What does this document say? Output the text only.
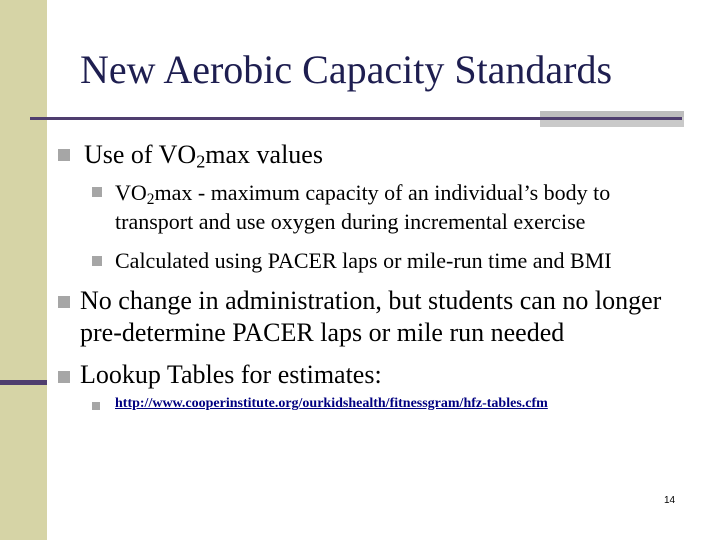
New Aerobic Capacity Standards
Use of $VO_2\max$ values
$VO_2\max$ - maximum capacity of an individual’s body to
transport and use oxygen during incremental exercise
Calculated using PACER laps or mile-run time and BMI
No change in administration, but students can no longer
pre-determine PACER laps or mile run needed
Lookup Tables for estimates:
http://www.cooperinstitute.org/ourkidshealth/fitnessgram/hfz-tables.cfm
14
